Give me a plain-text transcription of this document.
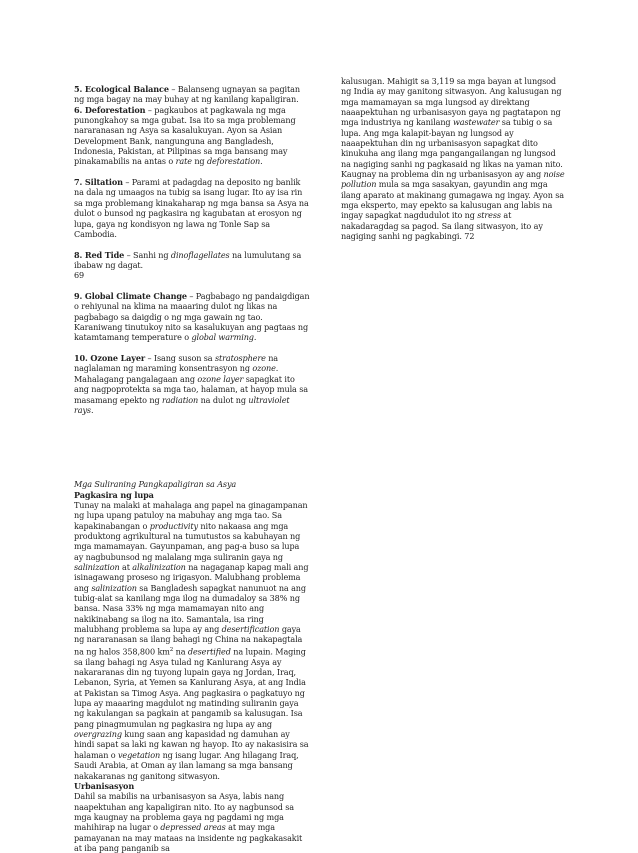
5. Ecological Balance – Balanseng ugnayan sa pagitan ng mga bagay na may buhay at ng kanilang kapaligiran.

6. Deforestation – pagkaubos at pagkawala ng mga punongkahoy sa mga gubat. Isa ito sa mga problemang nararanasan ng Asya sa kasalukuyan. Ayon sa Asian Development Bank, nangunguna ang Bangladesh, Indonesia, Pakistan, at Pilipinas sa mga bansang may pinakamabilis na antas o rate ng deforestation.

7. Siltation – Parami at padagdag na deposito ng banlik na dala ng umaagos na tubig sa isang lugar. Ito ay isa rin sa mga problemang kinakaharap ng mga bansa sa Asya na dulot o bunsod ng pagkasira ng kagubatan at erosyon ng lupa, gaya ng kondisyon ng lawa ng Tonle Sap sa Cambodia.

8. Red Tide – Sanhi ng dinoflagellates na lumulutang sa ibabaw ng dagat.

69

9. Global Climate Change – Pagbabago ng pandaigdigan o rehiyunal na klima na maaaring dulot ng likas na pagbabago sa daigdig o ng mga gawain ng tao. Karaniwang tinutukoy nito sa kasalukuyan ang pagtaas ng katamtamang temperature o global warming.

10. Ozone Layer – Isang suson sa stratosphere na naglalaman ng maraming konsentrasyon ng ozone. Mahalagang pangalagaan ang ozone layer sapagkat ito ang nagpoprotekta sa mga tao, halaman, at hayop mula sa masamang epekto ng radiation na dulot ng ultraviolet rays.

Mga Suliraning Pangkapaligiran sa Asya

Pagkasira ng lupa

Tunay na malaki at mahalaga ang papel na ginagampanan ng lupa upang patuloy na mabuhay ang mga tao. Sa kapakinabangan o productivity nito nakaasa ang mga produktong agrikultural na tumutustos sa kabuhayan ng mga mamamayan. Gayunpaman, ang pag-a buso sa lupa ay nagbubunsod ng malalang mga suliranin gaya ng salinization at alkalinization na nagaganap kapag mali ang isinagawang proseso ng irigasyon. Malubhang problema ang salinization sa Bangladesh sapagkat nanunuot na ang tubig-alat sa kanilang mga ilog na dumadaloy sa 38% ng bansa. Nasa 33% ng mga mamamayan nito ang nakikinabang sa ilog na ito. Samantala, isa ring malubhang problema sa lupa ay ang desertification gaya ng nararanasan sa ilang bahagi ng China na nakapagtala na ng halos 358,800 $km^2$ na desertified na lupain. Maging sa ilang bahagi ng Asya tulad ng Kanlurang Asya ay nakararanas din ng tuyong lupain gaya ng Jordan, Iraq, Lebanon, Syria, at Yemen sa Kanlurang Asya, at ang India at Pakistan sa Timog Asya. Ang pagkasira o pagkatuyo ng lupa ay maaaring magdulot ng matinding suliranin gaya ng kakulangan sa pagkain at pangamib sa kalusugan. Isa pang pinagmumulan ng pagkasira ng lupa ay ang overgrazing kung saan ang kapasidad ng damuhan ay hindi sapat sa laki ng kawan ng hayop. Ito ay nakasisira sa halaman o vegetation ng isang lugar. Ang hilagang Iraq, Saudi Arabia, at Oman ay ilan lamang sa mga bansang nakakaranas ng ganitong sitwasyon.

Urbanisasyon

Dahil sa mabilis na urbanisasyon sa Asya, labis nang naapektuhan ang kapaligiran nito. Ito ay nagbunsod sa mga kaugnay na problema gaya ng pagdami ng mga mahihirap na lugar o depressed areas at may mga pamayanan na may mataas na insidente ng pagkakasakit at iba pang panganib sa

kalusugan. Mahigit sa 3,119 sa mga bayan at lungsod ng India ay may ganitong sitwasyon. Ang kalusugan ng mga mamamayan sa mga lungsod ay direktang naaapektuhan ng urbanisasyon gaya ng pagtatapon ng mga industriya ng kanilang wastewater sa tubig o sa lupa. Ang mga kalapit-bayan ng lungsod ay naaapektuhan din ng urbanisasyon sapagkat dito kinukuha ang ilang mga pangangailangan ng lungsod na nagiging sanhi ng pagkasaid ng likas na yaman nito. Kaugnay na problema din ng urbanisasyon ay ang noise pollution mula sa mga sasakyan, gayundin ang mga ilang aparato at makinang gumagawa ng ingay. Ayon sa mga eksperto, may epekto sa kalusugan ang labis na ingay sapagkat nagdudulot ito ng stress at nakadaragdag sa pagod. Sa ilang sitwasyon, ito ay nagiging sanhi ng pagkabingi. 72
